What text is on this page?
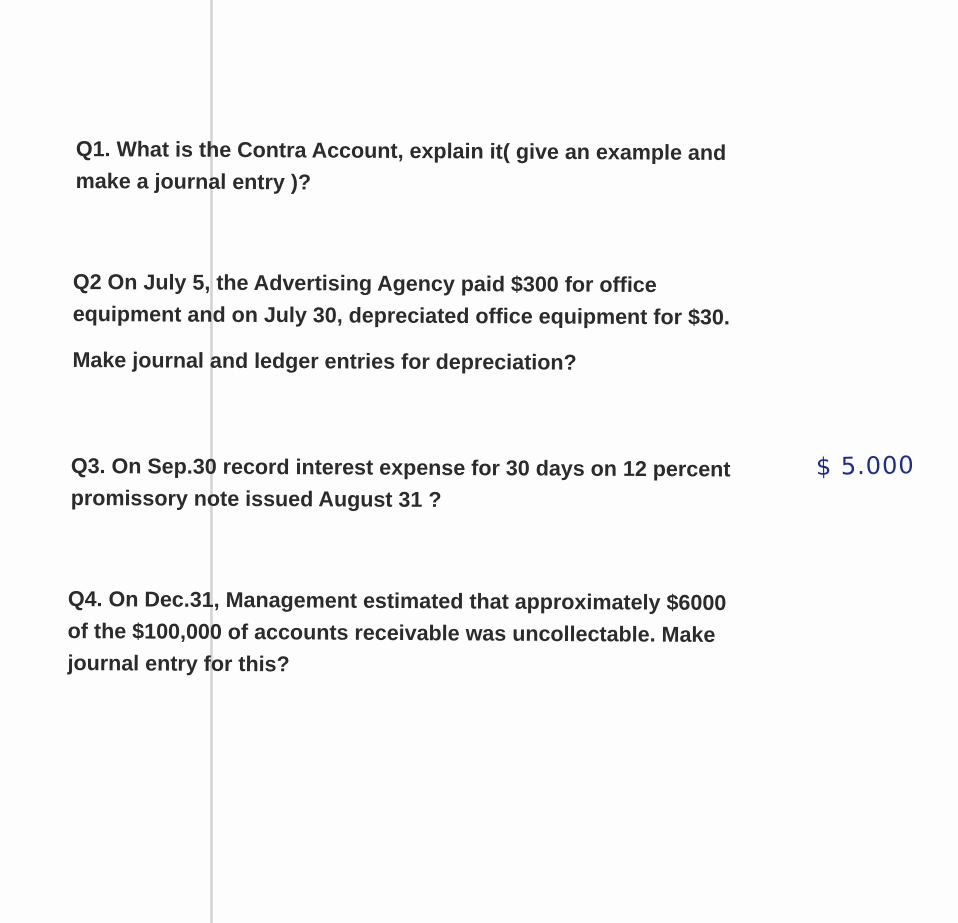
Q1. What is the Contra Account, explain it( give an example and
make a journal entry )?
Q2 On July 5, the Advertising Agency paid $300 for office
equipment and on July 30, depreciated office equipment for $30.
Make journal and ledger entries for depreciation?
Q3. On Sep.30 record interest expense for 30 days on 12 percent
promissory note issued August 31 ?
$ 5.000
Q4. On Dec.31, Management estimated that approximately $6000
of the $100,000 of accounts receivable was uncollectable. Make
journal entry for this?
